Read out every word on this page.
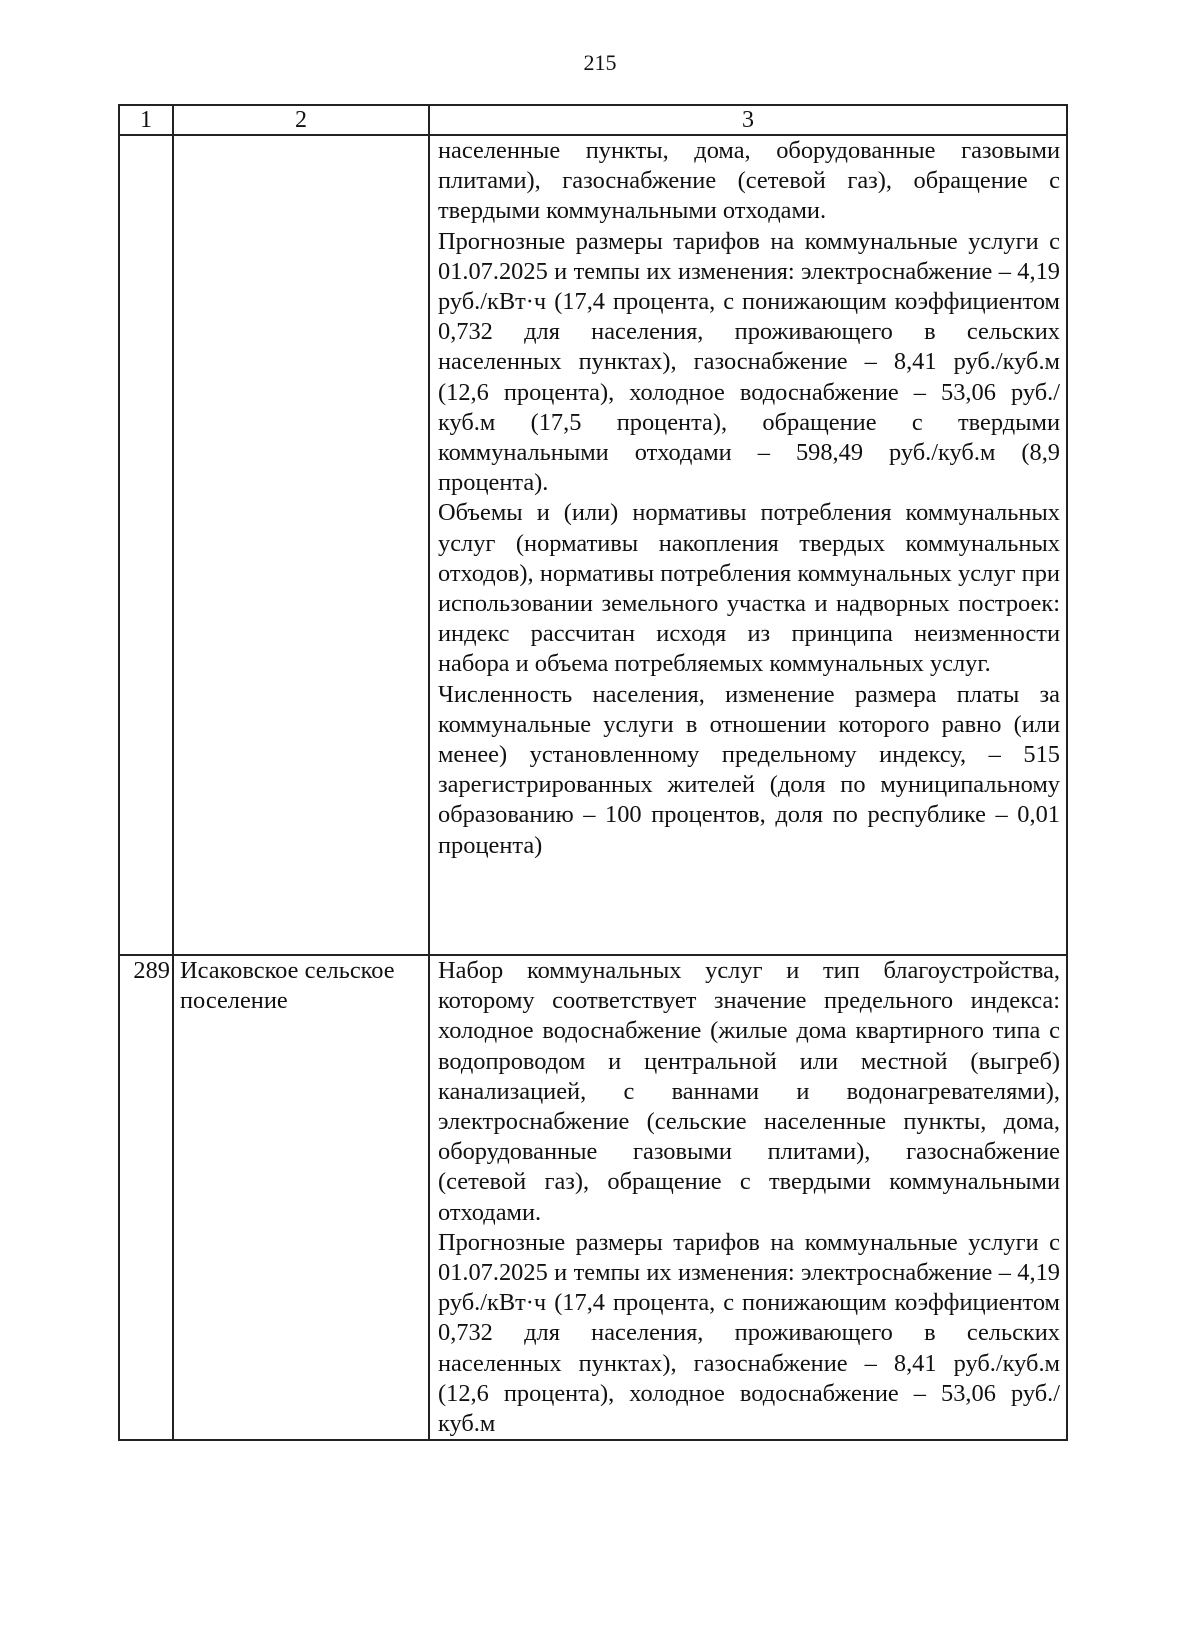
215
1	2	3

		населенные пункты, дома, оборудованные газовыми плитами), газоснабжение (сетевой газ), обращение с твердыми коммунальными отходами.

Прогнозные размеры тарифов на коммунальные услуги с 01.07.2025 и темпы их изменения: электроснабжение – 4,19 руб./кВт·ч (17,4 процента, с понижающим коэффициентом 0,732 для населения, проживающего в сельских населенных пунктах), газоснабжение – 8,41 руб./куб.м (12,6 процента), холодное водоснабжение – 53,06 руб./куб.м (17,5 процента), обращение с твердыми коммунальными отходами – 598,49 руб./куб.м (8,9 процента).

Объемы и (или) нормативы потребления коммунальных услуг (нормативы накопления твердых коммунальных отходов), нормативы потребления коммунальных услуг при использовании земельного участка и надворных построек: индекс рассчитан исходя из принципа неизменности набора и объема потребляемых коммунальных услуг.

Численность населения, изменение размера платы за коммунальные услуги в отношении которого равно (или менее) установленному предельному индексу, – 515 зарегистрированных жителей (доля по муниципальному образованию – 100 процентов, доля по республике – 0,01 процента)

289	Исаковское сельское поселение	Набор коммунальных услуг и тип благоустройства, которому соответствует значение предельного индекса: холодное водоснабжение (жилые дома квартирного типа с водопроводом и центральной или местной (выгреб) канализацией, с ваннами и водонагревателями), электроснабжение (сельские населенные пункты, дома, оборудованные газовыми плитами), газоснабжение (сетевой газ), обращение с твердыми коммунальными отходами.

Прогнозные размеры тарифов на коммунальные услуги с 01.07.2025 и темпы их изменения: электроснабжение – 4,19 руб./кВт·ч (17,4 процента, с понижающим коэффициентом 0,732 для населения, проживающего в сельских населенных пунктах), газоснабжение – 8,41 руб./куб.м (12,6 процента), холодное водоснабжение – 53,06 руб./куб.м
